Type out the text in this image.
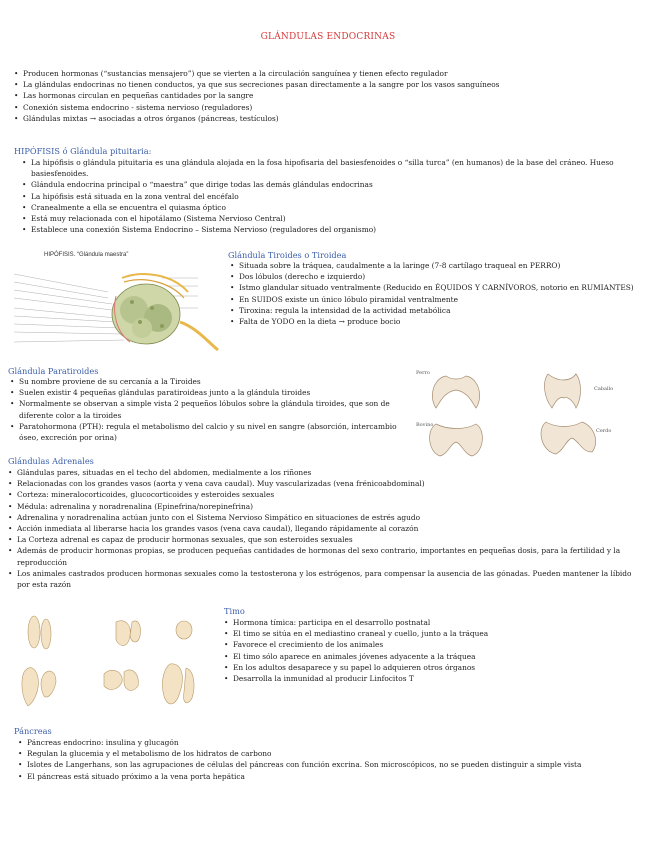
GLÁNDULAS ENDOCRINAS
• Producen hormonas (“sustancias mensajero”) que se vierten a la circulación sanguínea y tienen efecto regulador
• La glándulas endocrinas no tienen conductos, ya que sus secreciones pasan directamente a la sangre por los vasos sanguíneos
• Las hormonas circulan en pequeñas cantidades por la sangre
• Conexión sistema endocrino - sistema nervioso (reguladores)
• Glándulas mixtas → asociadas a otros órganos (páncreas, testículos)
HIPÓFISIS ó Glándula pituitaria:
• La hipófisis o glándula pituitaria es una glándula alojada en la fosa hipofisaria del basiesfenoides o “silla turca” (en humanos) de la base del cráneo. Hueso basiesfenoides.
• Glándula endocrina principal o “maestra” que dirige todas las demás glándulas endocrinas
• La hipófisis está situada en la zona ventral del encéfalo
• Cranealmente a ella se encuentra el quiasma óptico
• Está muy relacionada con el hipotálamo (Sistema Nervioso Central)
• Establece una conexión Sistema Endocrino – Sistema Nervioso (reguladores del organismo)
HIPÓFISIS. “Glándula maestra”	Glándula Tiroides o Tiroidea
• Situada sobre la tráquea, caudalmente a la laringe (7-8 cartílago traqueal en PERRO)
• Dos lóbulos (derecho e izquierdo)
• Istmo glandular situado ventralmente (Reducido en ÉQUIDOS Y CARNÍVOROS, notorio en RUMIANTES)
• En SUIDOS existe un único lóbulo piramidal ventralmente
• Tiroxina: regula la intensidad de la actividad metabólica
• Falta de YODO en la dieta → produce bocio
Glándula Paratiroides
• Su nombre proviene de su cercanía a la Tiroides
• Suelen existir 4 pequeñas glándulas paratiroideas junto a la glándula tiroides
• Normalmente se observan a simple vista 2 pequeños lóbulos sobre la glándula tiroides, que son de diferente color a la tiroides
• Paratohormona (PTH): regula el metabolismo del calcio y su nivel en sangre (absorción, intercambio óseo, excreción por orina)
Perro
Caballo
Bovino
Cerdo
Glándulas Adrenales
• Glándulas pares, situadas en el techo del abdomen, medialmente a los riñones
• Relacionadas con los grandes vasos (aorta y vena cava caudal). Muy vascularizadas (vena frénicoabdominal)
• Corteza: mineralocorticoides, glucocorticoides y esteroides sexuales
• Médula: adrenalina y noradrenalina (Epinefrina/norepinefrina)
• Adrenalina y noradrenalina actúan junto con el Sistema Nervioso Simpático en situaciones de estrés agudo
• Acción inmediata al liberarse hacia los grandes vasos (vena cava caudal), llegando rápidamente al corazón
• La Corteza adrenal es capaz de producir hormonas sexuales, que son esteroides sexuales
• Además de producir hormonas propias, se producen pequeñas cantidades de hormonas del sexo contrario, importantes en pequeñas dosis, para la fertilidad y la reproducción
• Los animales castrados producen hormonas sexuales como la testosterona y los estrógenos, para compensar la ausencia de las gónadas. Pueden mantener la líbido por esta razón
Timo
• Hormona tímica: participa en el desarrollo postnatal
• El timo se sitúa en el mediastino craneal y cuello, junto a la tráquea
• Favorece el crecimiento de los animales
• El timo sólo aparece en animales jóvenes adyacente a la tráquea
• En los adultos desaparece y su papel lo adquieren otros órganos
• Desarrolla la inmunidad al producir Linfocitos T
Páncreas
• Páncreas endocrino: insulina y glucagón
• Regulan la glucemia y el metabolismo de los hidratos de carbono
• Islotes de Langerhans, son las agrupaciones de células del páncreas con función excrina. Son microscópicos, no se pueden distinguir a simple vista
• El páncreas está situado próximo a la vena porta hepática
